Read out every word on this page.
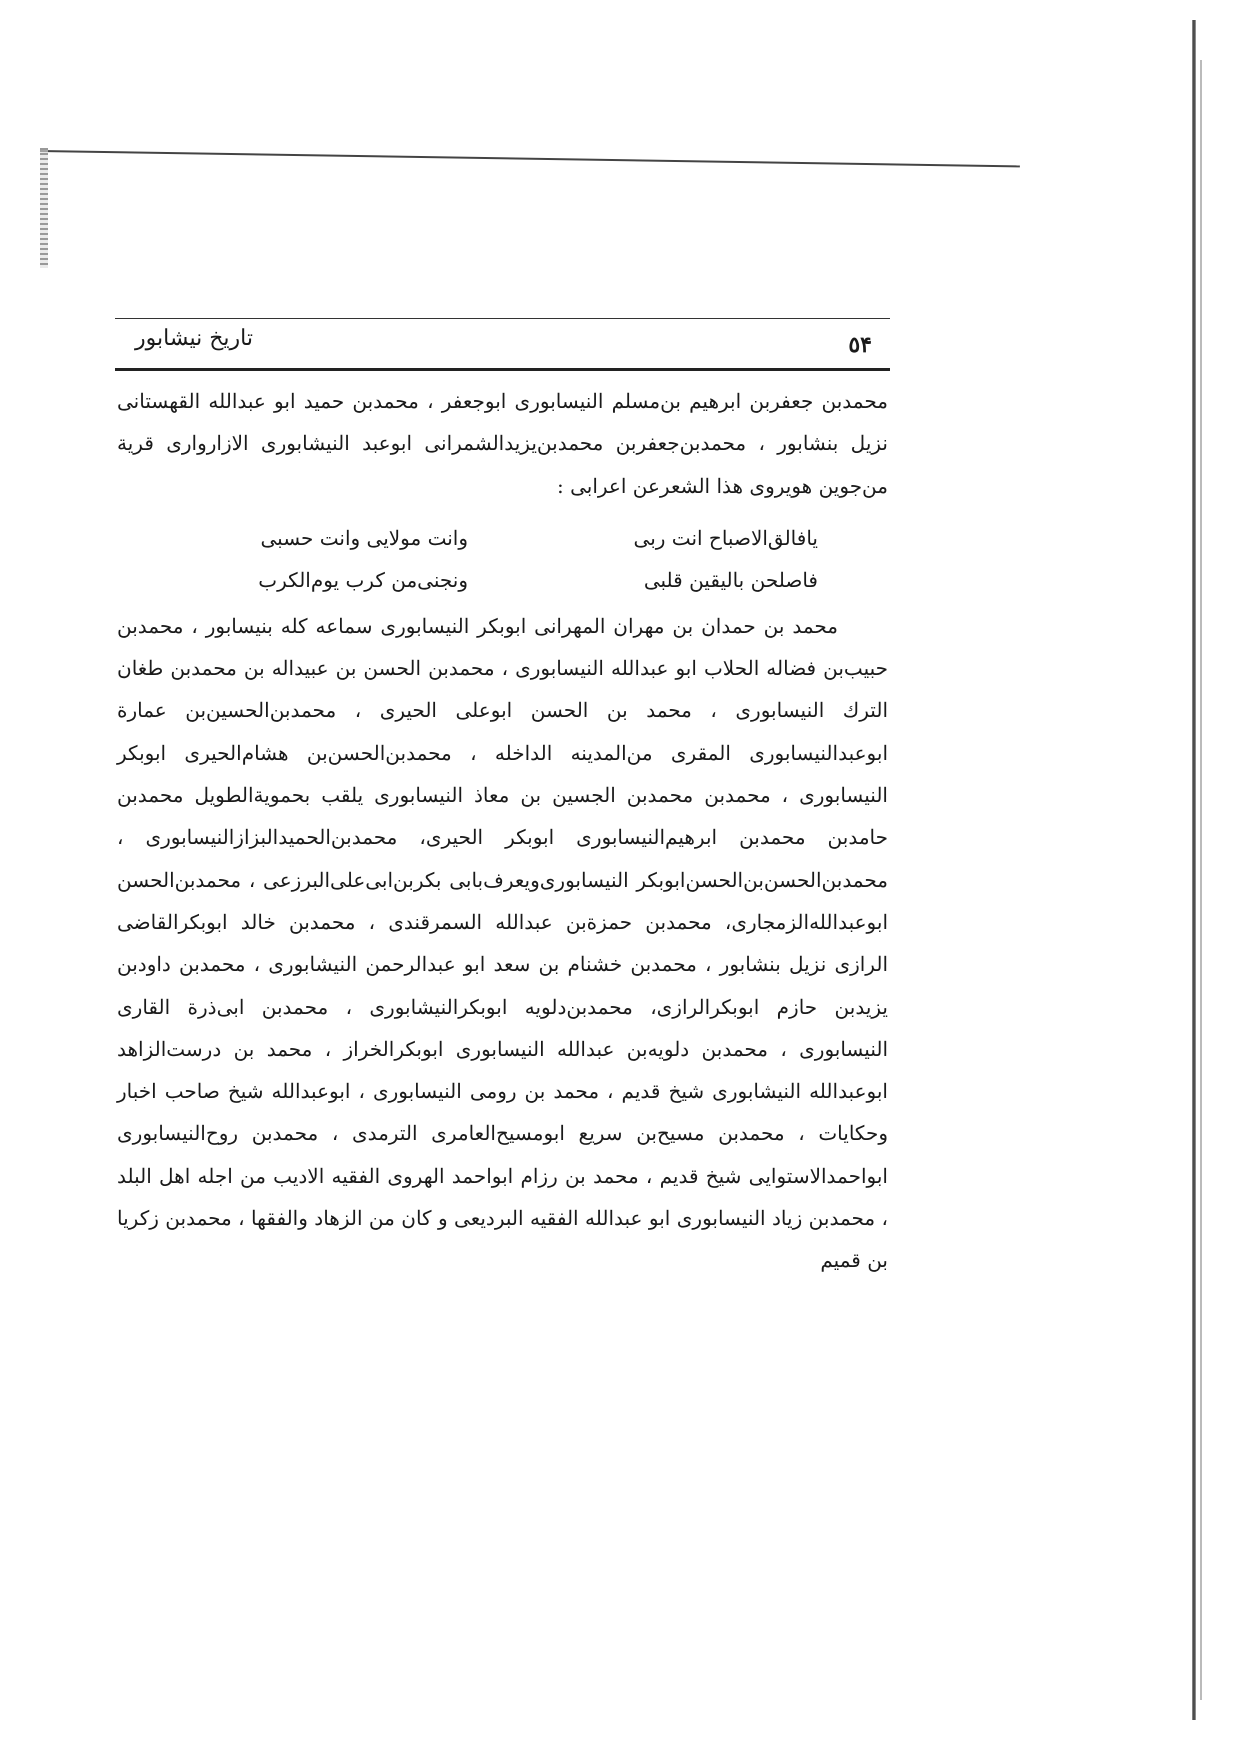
تاريخ نيشابور	٥۴

محمدبن جعفربن ابرهيم بن‌مسلم النيسابورى ابوجعفر ، محمدبن حميد ابو عبدالله القهستانى نزيل بنشابور ، محمدبن‌جعفربن محمدبن‌يزيدالشمرانى ابوعبد النيشابورى الازاروارى قرية من‌جوين هويروى هذا الشعرعن اعرابى :

يافالق‌الاصباح انت ربى
وانت مولايى وانت حسبى
فاصلحن باليقين قلبى
ونجنى‌من كرب يوم‌الكرب

محمد بن حمدان بن مهران المهرانى ابوبكر النيسابورى سماعه كله بنيسابور ، محمدبن حبيب‌بن فضاله الحلاب ابو عبدالله النيسابورى ، محمدبن الحسن بن عبيداله بن محمدبن طغان الترك النيسابورى ، محمد بن الحسن ابوعلى الحيرى ، محمدبن‌الحسين‌بن عمارة ابوعبدالنيسابورى المقرى من‌المدينه الداخله ، محمدبن‌الحسن‌بن هشام‌الحيرى ابوبكر النيسابورى ، محمدبن محمدبن الجسين بن معاذ النيسابورى يلقب بحموية‌الطويل محمدبن حامدبن محمدبن ابرهيم‌النيسابورى ابوبكر الحيرى، محمدبن‌الحميدالبزازالنيسابورى ، محمدبن‌الحسن‌بن‌الحسن‌ابوبكر النيسابورى‌ويعرف‌بابى بكربن‌ابى‌على‌البرزعى ، محمدبن‌الحسن ابوعبدالله‌الزمجارى، محمدبن حمزة‌بن عبدالله السمرقندى ، محمدبن خالد ابوبكرالقاضى الرازى نزيل بنشابور ، محمدبن خشنام بن سعد ابو عبدالرحمن النيشابورى ، محمدبن داودبن يزيدبن حازم ابوبكرالرازى، محمدبن‌دلويه ابوبكرالنيشابورى ، محمدبن ابى‌ذرة القارى النيسابورى ، محمدبن دلويه‌بن عبدالله النيسابورى ابوبكرالخراز ، محمد بن درست‌الزاهد ابوعبدالله النيشابورى شيخ قديم ، محمد بن رومى النيسابورى ، ابوعبدالله شيخ صاحب اخبار وحكايات ، محمدبن مسيح‌بن سريع ابومسيح‌العامرى الترمدى ، محمدبن روح‌النيسابورى ابواحمدالاستوايى شيخ قديم ، محمد بن رزام ابواحمد الهروى الفقيه الاديب من اجله اهل البلد ، محمدبن زياد النيسابورى ابو عبدالله الفقيه البرديعى و كان من الزهاد والفقها ، محمدبن زكريا بن قميم
